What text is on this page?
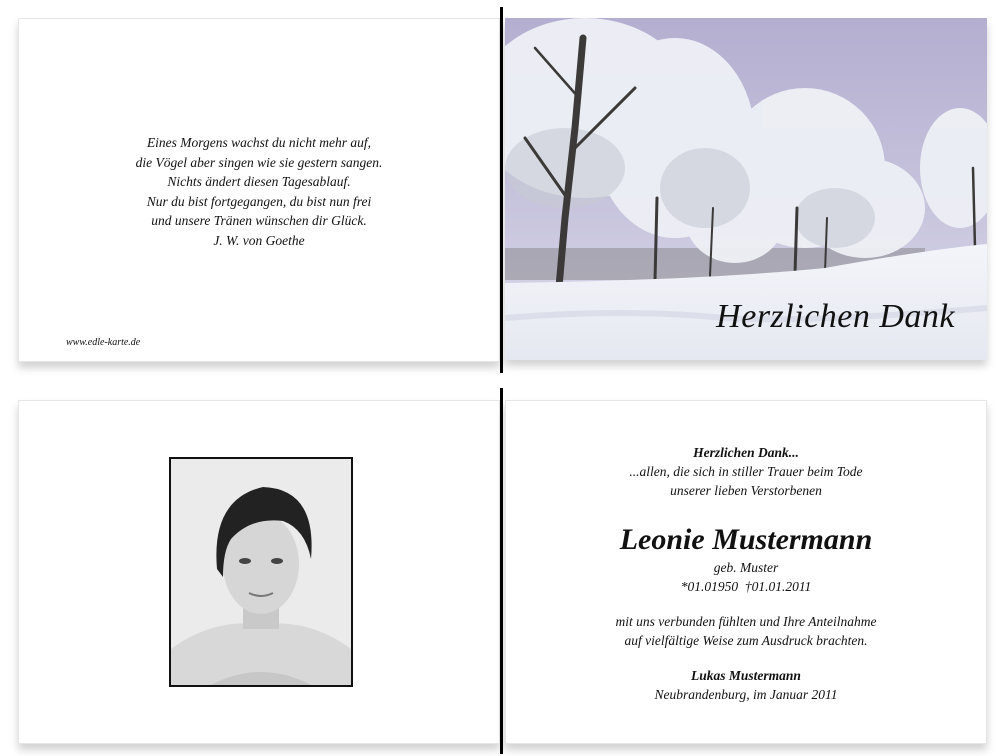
Eines Morgens wachst du nicht mehr auf,
die Vögel aber singen wie sie gestern sangen.
Nichts ändert diesen Tagesablauf.
Nur du bist fortgegangen, du bist nun frei
und unsere Tränen wünschen dir Glück.
J. W. von Goethe
www.edle-karte.de
Herzlichen Dank
Herzlichen Dank...
...allen, die sich in stiller Trauer beim Tode
unserer lieben Verstorbenen
Leonie Mustermann
geb. Muster
*01.01950  †01.01.2011
mit uns verbunden fühlten und Ihre Anteilnahme
auf vielfältige Weise zum Ausdruck brachten.
Lukas Mustermann
Neubrandenburg, im Januar 2011
